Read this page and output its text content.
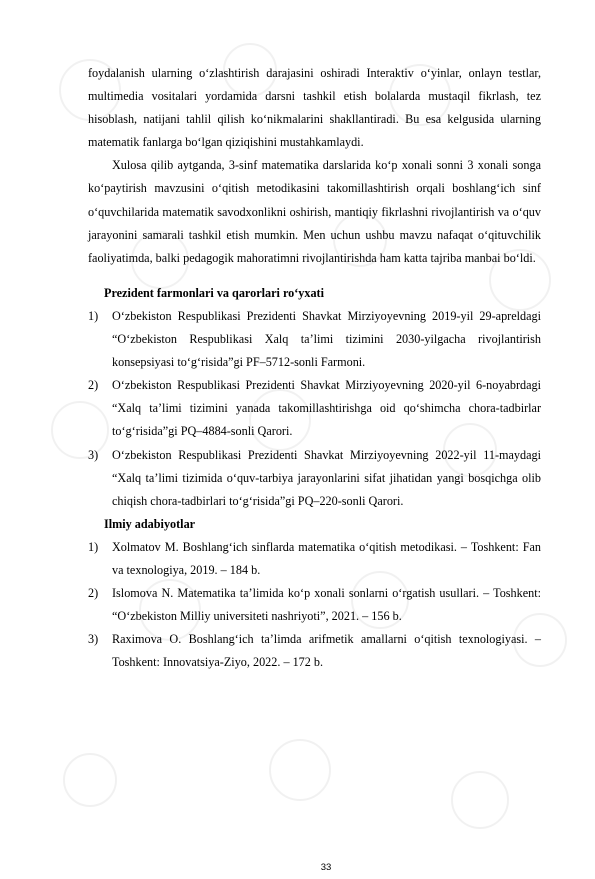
foydalanish ularning o‘zlashtirish darajasini oshiradi Interaktiv o‘yinlar, onlayn testlar, multimedia vositalari yordamida darsni tashkil etish bolalarda mustaqil fikrlash, tez hisoblash, natijani tahlil qilish ko‘nikmalarini shakllantiradi. Bu esa kelgusida ularning matematik fanlarga bo‘lgan qiziqishini mustahkamlaydi.

Xulosa qilib aytganda, 3-sinf matematika darslarida ko‘p xonali sonni 3 xonali songa ko‘paytirish mavzusini o‘qitish metodikasini takomillashtirish orqali boshlang‘ich sinf o‘quvchilarida matematik savodxonlikni oshirish, mantiqiy fikrlashni rivojlantirish va o‘quv jarayonini samarali tashkil etish mumkin. Men uchun ushbu mavzu nafaqat o‘qituvchilik faoliyatimda, balki pedagogik mahoratimni rivojlantirishda ham katta tajriba manbai bo‘ldi.

Prezident farmonlari va qarorlari ro‘yxati
1) O‘zbekiston Respublikasi Prezidenti Shavkat Mirziyoyevning 2019-yil 29-apreldagi “O‘zbekiston Respublikasi Xalq ta’limi tizimini 2030-yilgacha rivojlantirish konsepsiyasi to‘g‘risida”gi PF–5712-sonli Farmoni.
2) O‘zbekiston Respublikasi Prezidenti Shavkat Mirziyoyevning 2020-yil 6-noyabrdagi “Xalq ta’limi tizimini yanada takomillashtirishga oid qo‘shimcha chora-tadbirlar to‘g‘risida”gi PQ–4884-sonli Qarori.
3) O‘zbekiston Respublikasi Prezidenti Shavkat Mirziyoyevning 2022-yil 11-maydagi “Xalq ta’limi tizimida o‘quv-tarbiya jarayonlarini sifat jihatidan yangi bosqichga olib chiqish chora-tadbirlari to‘g‘risida”gi PQ–220-sonli Qarori.
Ilmiy adabiyotlar
1) Xolmatov M. Boshlang‘ich sinflarda matematika o‘qitish metodikasi. – Toshkent: Fan va texnologiya, 2019. – 184 b.
2) Islomova N. Matematika ta’limida ko‘p xonali sonlarni o‘rgatish usullari. – Toshkent: “O‘zbekiston Milliy universiteti nashriyoti”, 2021. – 156 b.
3) Raximova O. Boshlang‘ich ta’limda arifmetik amallarni o‘qitish texnologiyasi. – Toshkent: Innovatsiya-Ziyo, 2022. – 172 b.
33
